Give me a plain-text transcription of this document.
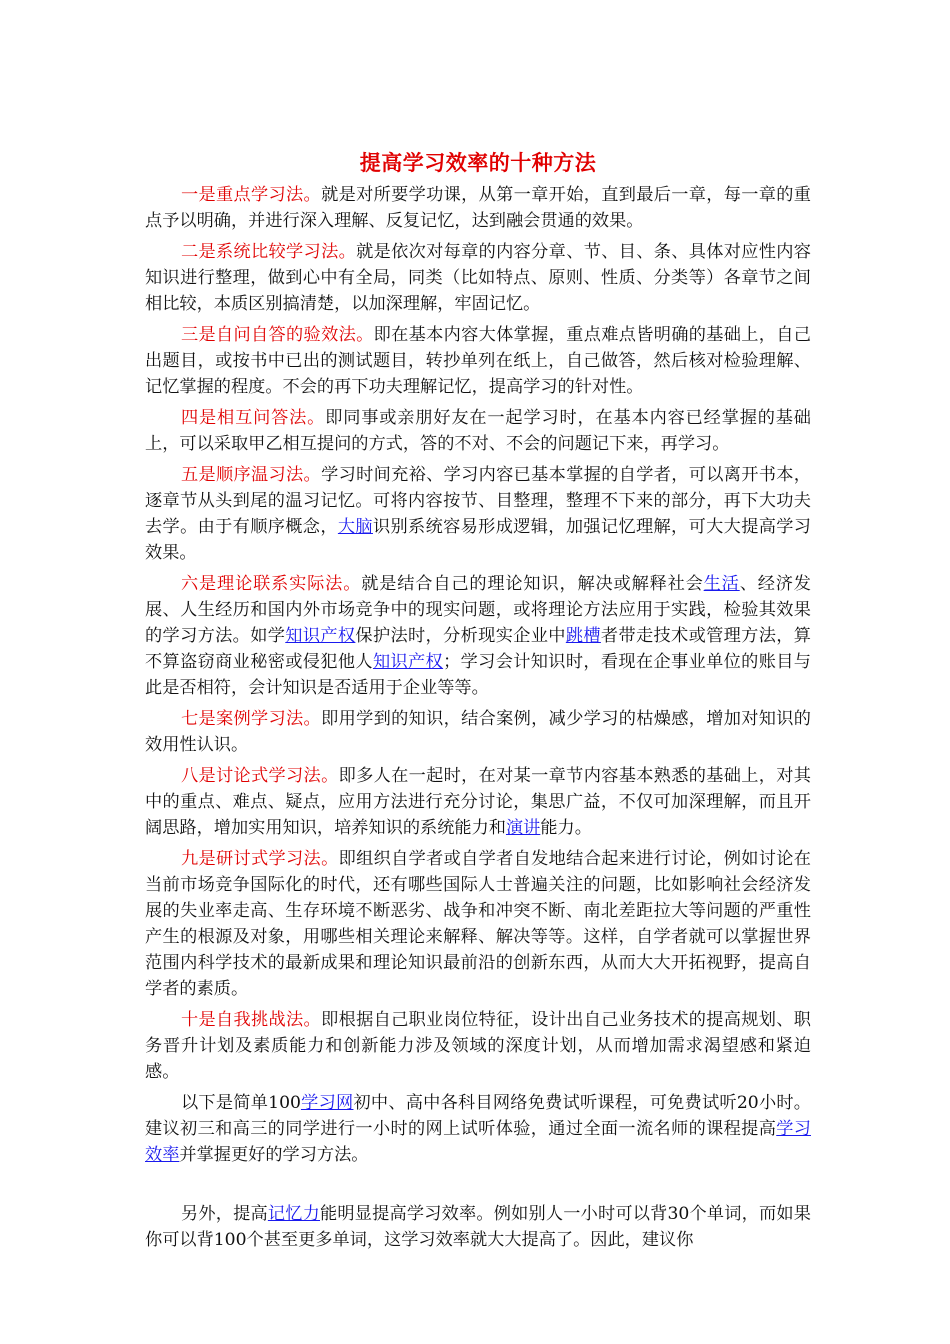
提高学习效率的十种方法

一是重点学习法。就是对所要学功课，从第一章开始，直到最后一章，每一章的重点予以明确，并进行深入理解、反复记忆，达到融会贯通的效果。

二是系统比较学习法。就是依次对每章的内容分章、节、目、条、具体对应性内容知识进行整理，做到心中有全局，同类（比如特点、原则、性质、分类等）各章节之间相比较，本质区别搞清楚，以加深理解，牢固记忆。

三是自问自答的验效法。即在基本内容大体掌握，重点难点皆明确的基础上，自己出题目，或按书中已出的测试题目，转抄单列在纸上，自己做答，然后核对检验理解、记忆掌握的程度。不会的再下功夫理解记忆，提高学习的针对性。

四是相互问答法。即同事或亲朋好友在一起学习时，在基本内容已经掌握的基础上，可以采取甲乙相互提问的方式，答的不对、不会的问题记下来，再学习。

五是顺序温习法。学习时间充裕、学习内容已基本掌握的自学者，可以离开书本，逐章节从头到尾的温习记忆。可将内容按节、目整理，整理不下来的部分，再下大功夫去学。由于有顺序概念，大脑识别系统容易形成逻辑，加强记忆理解，可大大提高学习效果。

六是理论联系实际法。就是结合自己的理论知识，解决或解释社会生活、经济发展、人生经历和国内外市场竞争中的现实问题，或将理论方法应用于实践，检验其效果的学习方法。如学知识产权保护法时，分析现实企业中跳槽者带走技术或管理方法，算不算盗窃商业秘密或侵犯他人知识产权；学习会计知识时，看现在企事业单位的账目与此是否相符，会计知识是否适用于企业等等。

七是案例学习法。即用学到的知识，结合案例，减少学习的枯燥感，增加对知识的效用性认识。

八是讨论式学习法。即多人在一起时，在对某一章节内容基本熟悉的基础上，对其中的重点、难点、疑点，应用方法进行充分讨论，集思广益，不仅可加深理解，而且开阔思路，增加实用知识，培养知识的系统能力和演讲能力。

九是研讨式学习法。即组织自学者或自学者自发地结合起来进行讨论，例如讨论在当前市场竞争国际化的时代，还有哪些国际人士普遍关注的问题，比如影响社会经济发展的失业率走高、生存环境不断恶劣、战争和冲突不断、南北差距拉大等问题的严重性产生的根源及对象，用哪些相关理论来解释、解决等等。这样，自学者就可以掌握世界范围内科学技术的最新成果和理论知识最前沿的创新东西，从而大大开拓视野，提高自学者的素质。

十是自我挑战法。即根据自己职业岗位特征，设计出自己业务技术的提高规划、职务晋升计划及素质能力和创新能力涉及领域的深度计划，从而增加需求渴望感和紧迫感。

以下是简单100学习网初中、高中各科目网络免费试听课程，可免费试听20小时。建议初三和高三的同学进行一小时的网上试听体验，通过全面一流名师的课程提高学习效率并掌握更好的学习方法。

另外，提高记忆力能明显提高学习效率。例如别人一小时可以背30个单词，而如果你可以背100个甚至更多单词，这学习效率就大大提高了。因此，建议你
